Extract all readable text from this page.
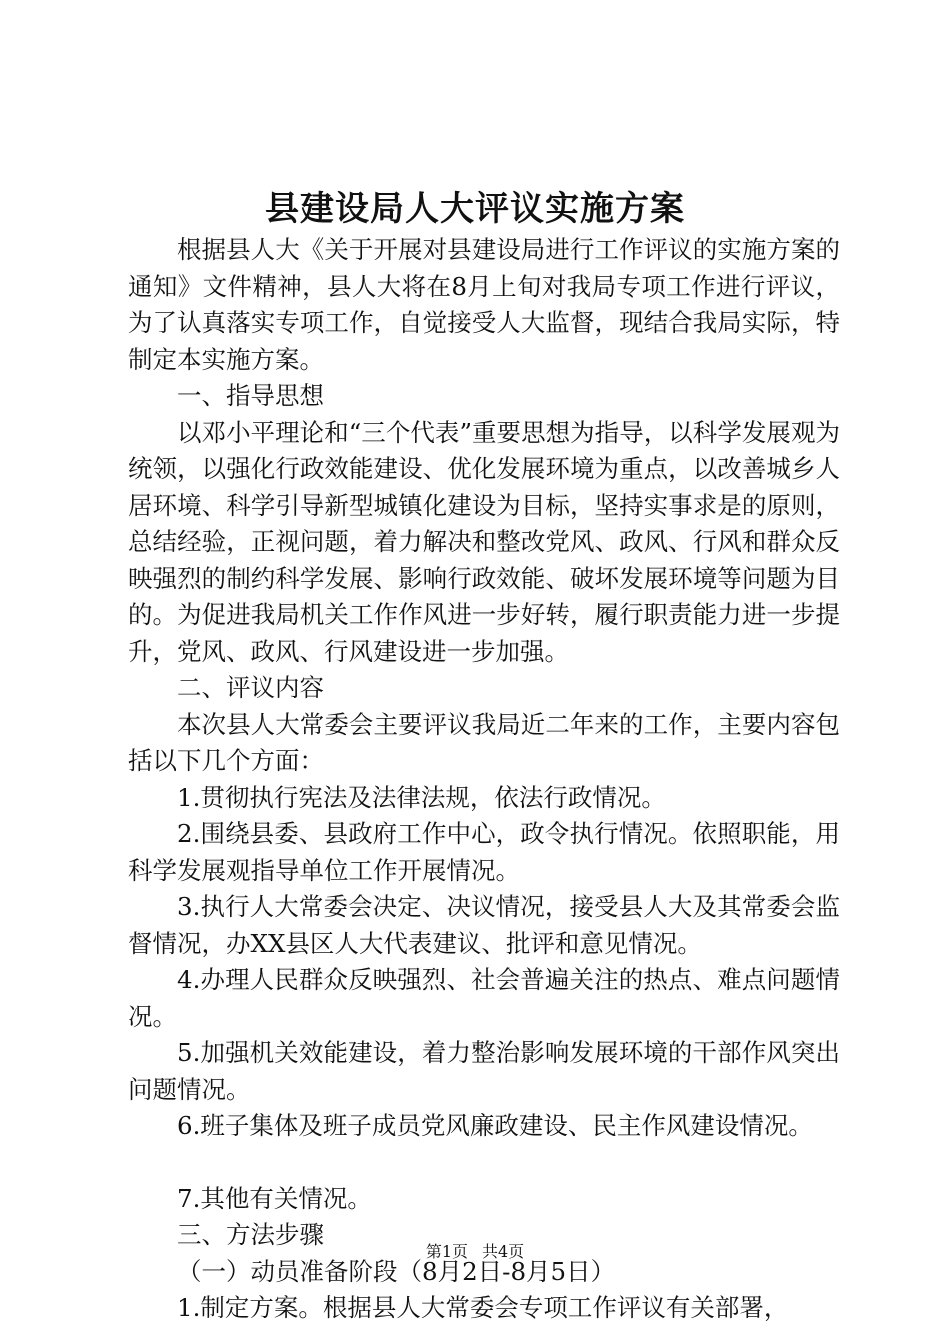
县建设局人大评议实施方案

根据县人大《关于开展对县建设局进行工作评议的实施方案的通知》文件精神，县人大将在8月上旬对我局专项工作进行评议，为了认真落实专项工作，自觉接受人大监督，现结合我局实际，特制定本实施方案。

一、指导思想

以邓小平理论和“三个代表”重要思想为指导，以科学发展观为统领，以强化行政效能建设、优化发展环境为重点，以改善城乡人居环境、科学引导新型城镇化建设为目标，坚持实事求是的原则，总结经验，正视问题，着力解决和整改党风、政风、行风和群众反映强烈的制约科学发展、影响行政效能、破坏发展环境等问题为目的。为促进我局机关工作作风进一步好转，履行职责能力进一步提升，党风、政风、行风建设进一步加强。

二、评议内容

本次县人大常委会主要评议我局近二年来的工作，主要内容包括以下几个方面：

1.贯彻执行宪法及法律法规，依法行政情况。

2.围绕县委、县政府工作中心，政令执行情况。依照职能，用科学发展观指导单位工作开展情况。

3.执行人大常委会决定、决议情况，接受县人大及其常委会监督情况，办XX县区人大代表建议、批评和意见情况。

4.办理人民群众反映强烈、社会普遍关注的热点、难点问题情况。

5.加强机关效能建设，着力整治影响发展环境的干部作风突出问题情况。

6.班子集体及班子成员党风廉政建设、民主作风建设情况。

7.其他有关情况。

三、方法步骤

（一）动员准备阶段（8月2日-8月5日）

1.制定方案。根据县人大常委会专项工作评议有关部署，

第1页 共4页
